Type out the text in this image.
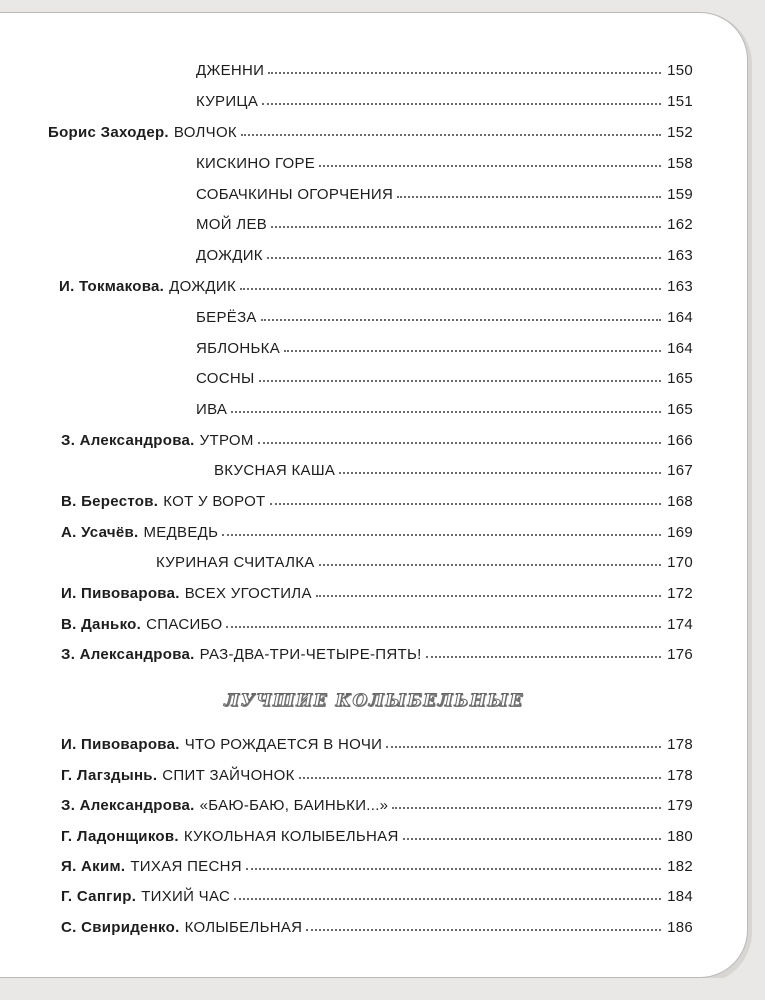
ДЖЕННИ	150
КУРИЦА	151
Борис Заходер. ВОЛЧОК	152
КИСКИНО ГОРЕ	158
СОБАЧКИНЫ ОГОРЧЕНИЯ	159
МОЙ ЛЕВ	162
ДОЖДИК	163
И. Токмакова. ДОЖДИК	163
БЕРЁЗА	164
ЯБЛОНЬКА	164
СОСНЫ	165
ИВА	165
З. Александрова. УТРОМ	166
ВКУСНАЯ КАША	167
В. Берестов. КОТ У ВОРОТ	168
А. Усачёв. МЕДВЕДЬ	169
КУРИНАЯ СЧИТАЛКА	170
И. Пивоварова. ВСЕХ УГОСТИЛА	172
В. Данько. СПАСИБО	174
З. Александрова. РАЗ-ДВА-ТРИ-ЧЕТЫРЕ-ПЯТЬ!	176
ЛУЧШИЕ КОЛЫБЕЛЬНЫЕ
И. Пивоварова. ЧТО РОЖДАЕТСЯ В НОЧИ	178
Г. Лагздынь. СПИТ ЗАЙЧОНОК	178
З. Александрова. «БАЮ-БАЮ, БАИНЬКИ...»	179
Г. Ладонщиков. КУКОЛЬНАЯ КОЛЫБЕЛЬНАЯ	180
Я. Аким. ТИХАЯ ПЕСНЯ	182
Г. Сапгир. ТИХИЙ ЧАС	184
С. Свириденко. КОЛЫБЕЛЬНАЯ	186
